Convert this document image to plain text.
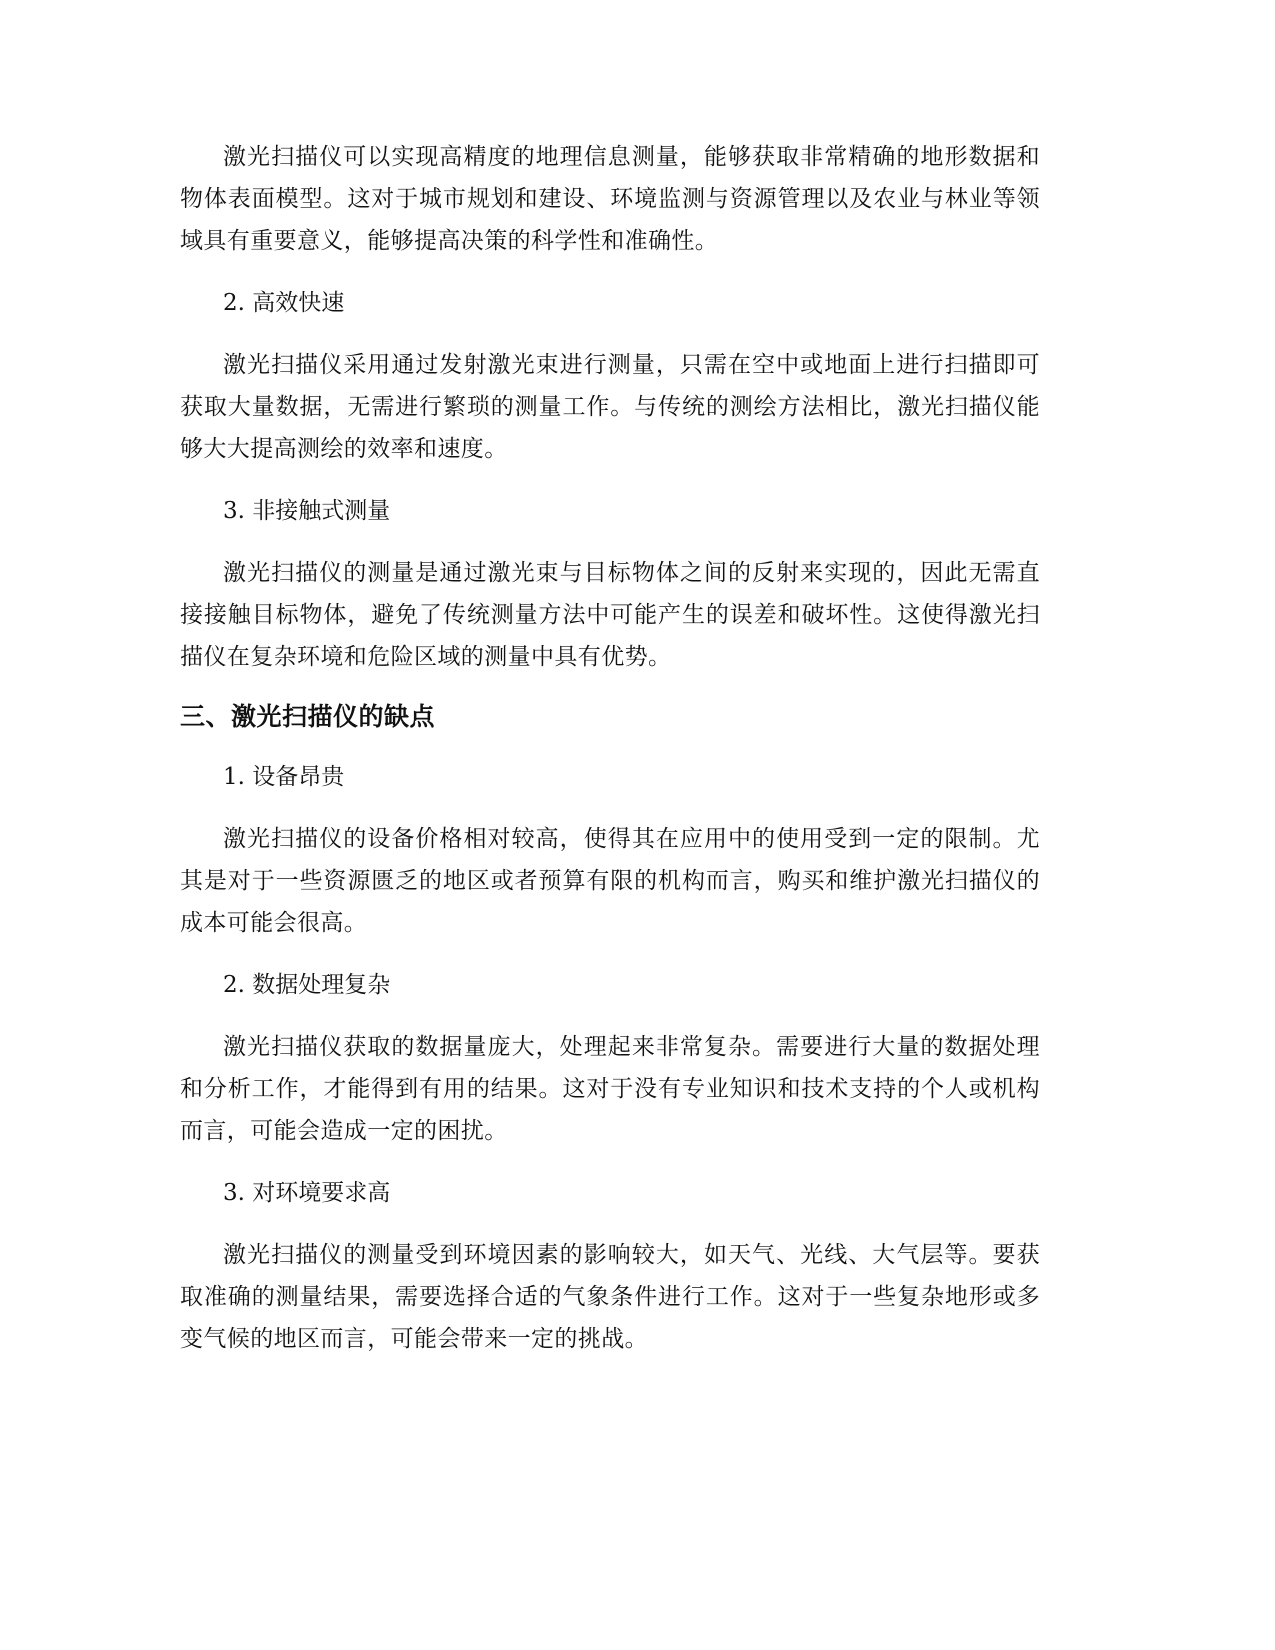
激光扫描仪可以实现高精度的地理信息测量，能够获取非常精确的地形数据和物体表面模型。这对于城市规划和建设、环境监测与资源管理以及农业与林业等领域具有重要意义，能够提高决策的科学性和准确性。

2. 高效快速

激光扫描仪采用通过发射激光束进行测量，只需在空中或地面上进行扫描即可获取大量数据，无需进行繁琐的测量工作。与传统的测绘方法相比，激光扫描仪能够大大提高测绘的效率和速度。

3. 非接触式测量

激光扫描仪的测量是通过激光束与目标物体之间的反射来实现的，因此无需直接接触目标物体，避免了传统测量方法中可能产生的误差和破坏性。这使得激光扫描仪在复杂环境和危险区域的测量中具有优势。

三、激光扫描仪的缺点

1. 设备昂贵

激光扫描仪的设备价格相对较高，使得其在应用中的使用受到一定的限制。尤其是对于一些资源匮乏的地区或者预算有限的机构而言，购买和维护激光扫描仪的成本可能会很高。

2. 数据处理复杂

激光扫描仪获取的数据量庞大，处理起来非常复杂。需要进行大量的数据处理和分析工作，才能得到有用的结果。这对于没有专业知识和技术支持的个人或机构而言，可能会造成一定的困扰。

3. 对环境要求高

激光扫描仪的测量受到环境因素的影响较大，如天气、光线、大气层等。要获取准确的测量结果，需要选择合适的气象条件进行工作。这对于一些复杂地形或多变气候的地区而言，可能会带来一定的挑战。
